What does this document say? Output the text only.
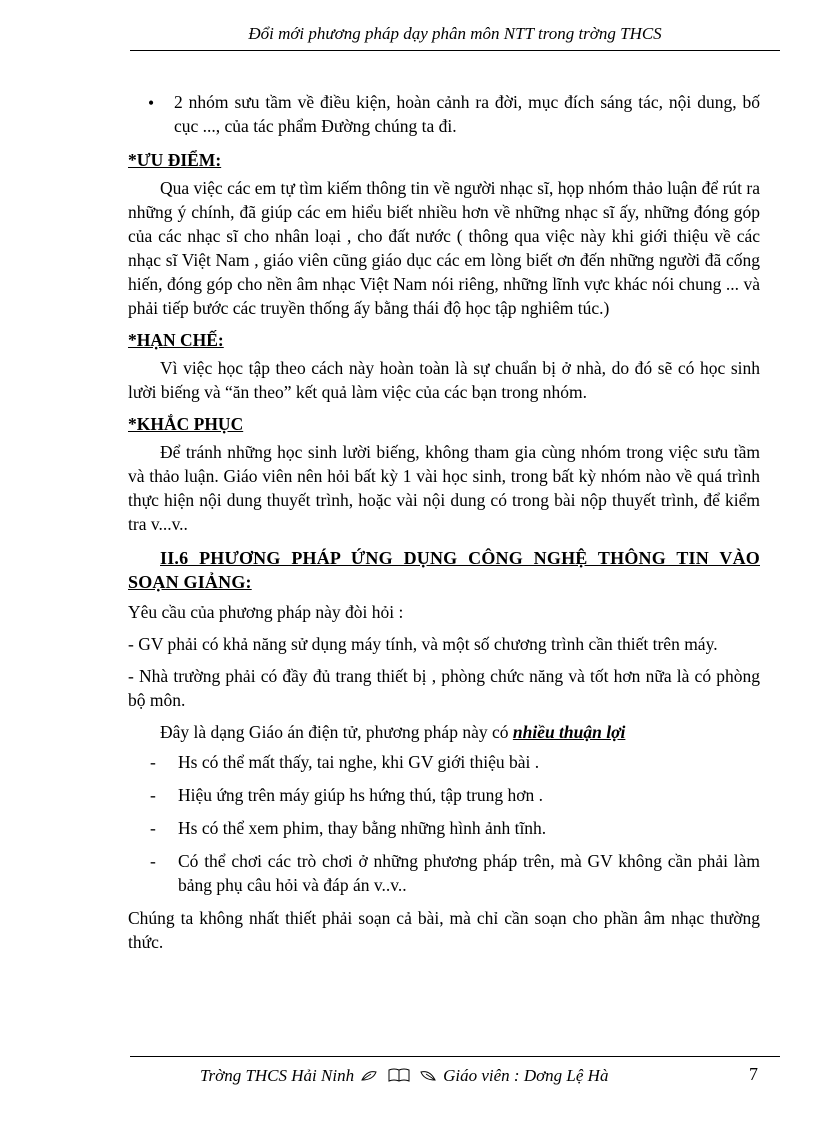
Đổi mới phương pháp dạy phân môn NTT trong trờng THCS
• 2 nhóm sưu tầm về điều kiện, hoàn cảnh ra đời, mục đích sáng tác, nội dung, bố cục ..., của tác phẩm Đường chúng ta đi.

*ƯU ĐIỂM:

Qua việc các em tự tìm kiếm thông tin về người nhạc sĩ, họp nhóm thảo luận để rút ra những ý chính, đã giúp các em hiểu biết nhiều hơn về những nhạc sĩ ấy, những đóng góp của các nhạc sĩ cho nhân loại , cho đất nước ( thông qua việc này khi giới thiệu về các nhạc sĩ Việt Nam , giáo viên cũng giáo dục các em lòng biết ơn đến những người đã cống hiến, đóng góp cho nền âm nhạc Việt Nam nói riêng, những lĩnh vực khác nói chung ... và phải tiếp bước các truyền thống ấy bằng thái độ học tập nghiêm túc.)

*HẠN CHẾ:

Vì việc học tập theo cách này hoàn toàn là sự chuẩn bị ở nhà, do đó sẽ có học sinh lười biếng và “ăn theo” kết quả làm việc của các bạn trong nhóm.

*KHẮC PHỤC

Để tránh những học sinh lười biếng, không tham gia cùng nhóm trong việc sưu tầm và thảo luận. Giáo viên nên hỏi bất kỳ 1 vài học sinh, trong bất kỳ nhóm nào về quá trình thực hiện nội dung thuyết trình, hoặc vài nội dung có trong bài nộp thuyết trình, để kiểm tra v...v..

II.6 PHƯƠNG PHÁP ỨNG DỤNG CÔNG NGHỆ THÔNG TIN VÀO SOẠN GIẢNG:

Yêu cầu của phương pháp này đòi hỏi :

- GV phải có khả năng sử dụng máy tính, và một số chương trình cần thiết trên máy.

- Nhà trường phải có đầy đủ trang thiết bị , phòng chức năng và tốt hơn nữa là có phòng bộ môn.

Đây là dạng Giáo án điện tử, phương pháp này có nhiều thuận lợi

- Hs có thể mất thấy, tai nghe, khi GV giới thiệu bài .
- Hiệu ứng trên máy giúp hs hứng thú, tập trung hơn .
- Hs có thể xem phim, thay bằng những hình ảnh tĩnh.
- Có thể chơi các trò chơi ở những phương pháp trên, mà GV không cần phải làm bảng phụ câu hỏi và đáp án v..v..

Chúng ta không nhất thiết phải soạn cả bài, mà chỉ cần soạn cho phần âm nhạc thường thức.

Trờng THCS Hải Ninh	Giáo viên : Dơng Lệ Hà	7
